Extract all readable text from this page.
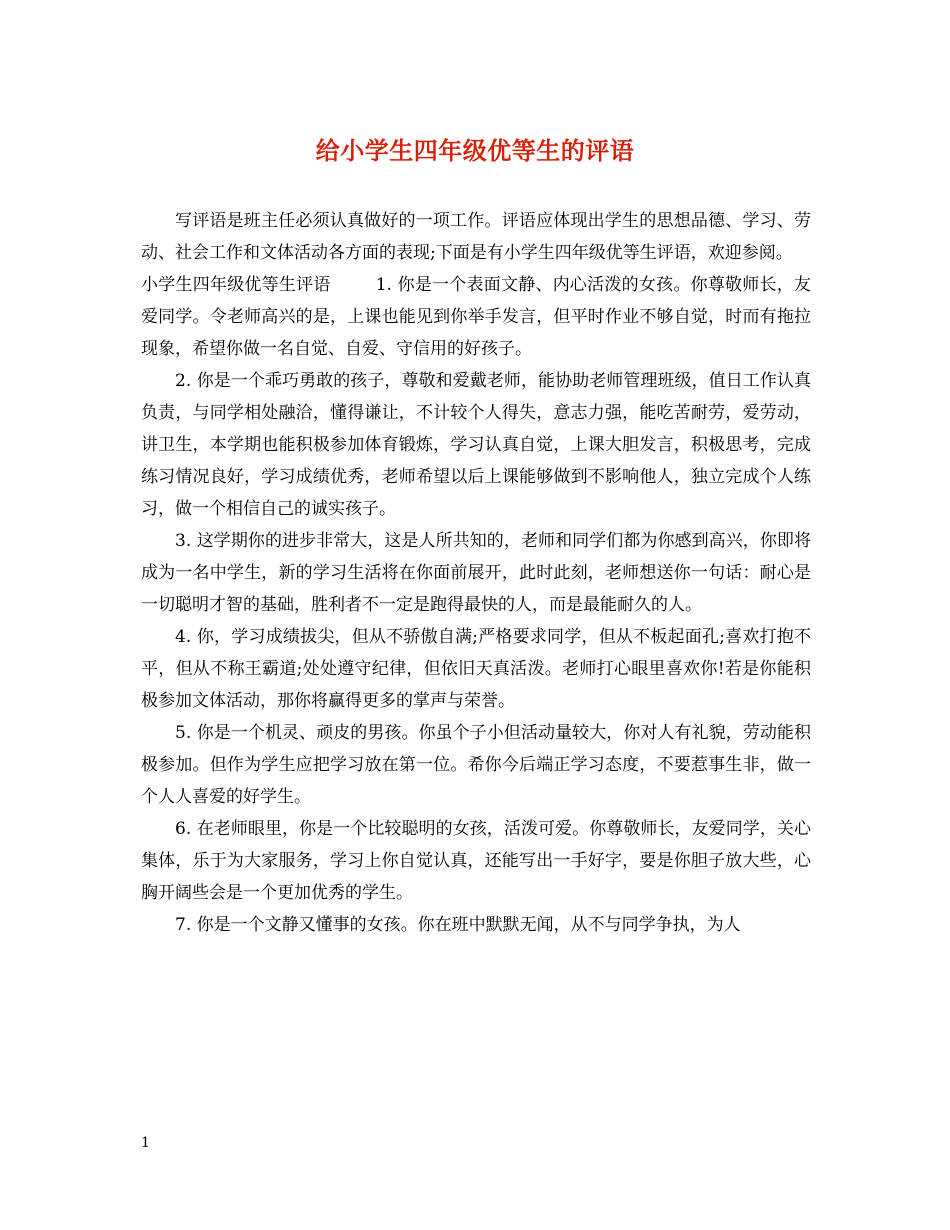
给小学生四年级优等生的评语

写评语是班主任必须认真做好的一项工作。评语应体现出学生的思想品德、学习、劳动、社会工作和文体活动各方面的表现;下面是有小学生四年级优等生评语，欢迎参阅。

小学生四年级优等生评语	1. 你是一个表面文静、内心活泼的女孩。你尊敬师长，友爱同学。令老师高兴的是，上课也能见到你举手发言，但平时作业不够自觉，时而有拖拉现象，希望你做一名自觉、自爱、守信用的好孩子。

2. 你是一个乖巧勇敢的孩子，尊敬和爱戴老师，能协助老师管理班级，值日工作认真负责，与同学相处融洽，懂得谦让，不计较个人得失，意志力强，能吃苦耐劳，爱劳动，讲卫生，本学期也能积极参加体育锻炼，学习认真自觉，上课大胆发言，积极思考，完成练习情况良好，学习成绩优秀，老师希望以后上课能够做到不影响他人，独立完成个人练习，做一个相信自己的诚实孩子。

3. 这学期你的进步非常大，这是人所共知的，老师和同学们都为你感到高兴，你即将成为一名中学生，新的学习生活将在你面前展开，此时此刻，老师想送你一句话：耐心是一切聪明才智的基础，胜利者不一定是跑得最快的人，而是最能耐久的人。

4. 你，学习成绩拔尖，但从不骄傲自满;严格要求同学，但从不板起面孔;喜欢打抱不平，但从不称王霸道;处处遵守纪律，但依旧天真活泼。老师打心眼里喜欢你!若是你能积极参加文体活动，那你将赢得更多的掌声与荣誉。

5. 你是一个机灵、顽皮的男孩。你虽个子小但活动量较大，你对人有礼貌，劳动能积极参加。但作为学生应把学习放在第一位。希你今后端正学习态度，不要惹事生非，做一个人人喜爱的好学生。

6. 在老师眼里，你是一个比较聪明的女孩，活泼可爱。你尊敬师长，友爱同学，关心集体，乐于为大家服务，学习上你自觉认真，还能写出一手好字，要是你胆子放大些，心胸开阔些会是一个更加优秀的学生。

7. 你是一个文静又懂事的女孩。你在班中默默无闻，从不与同学争执，为人

1
